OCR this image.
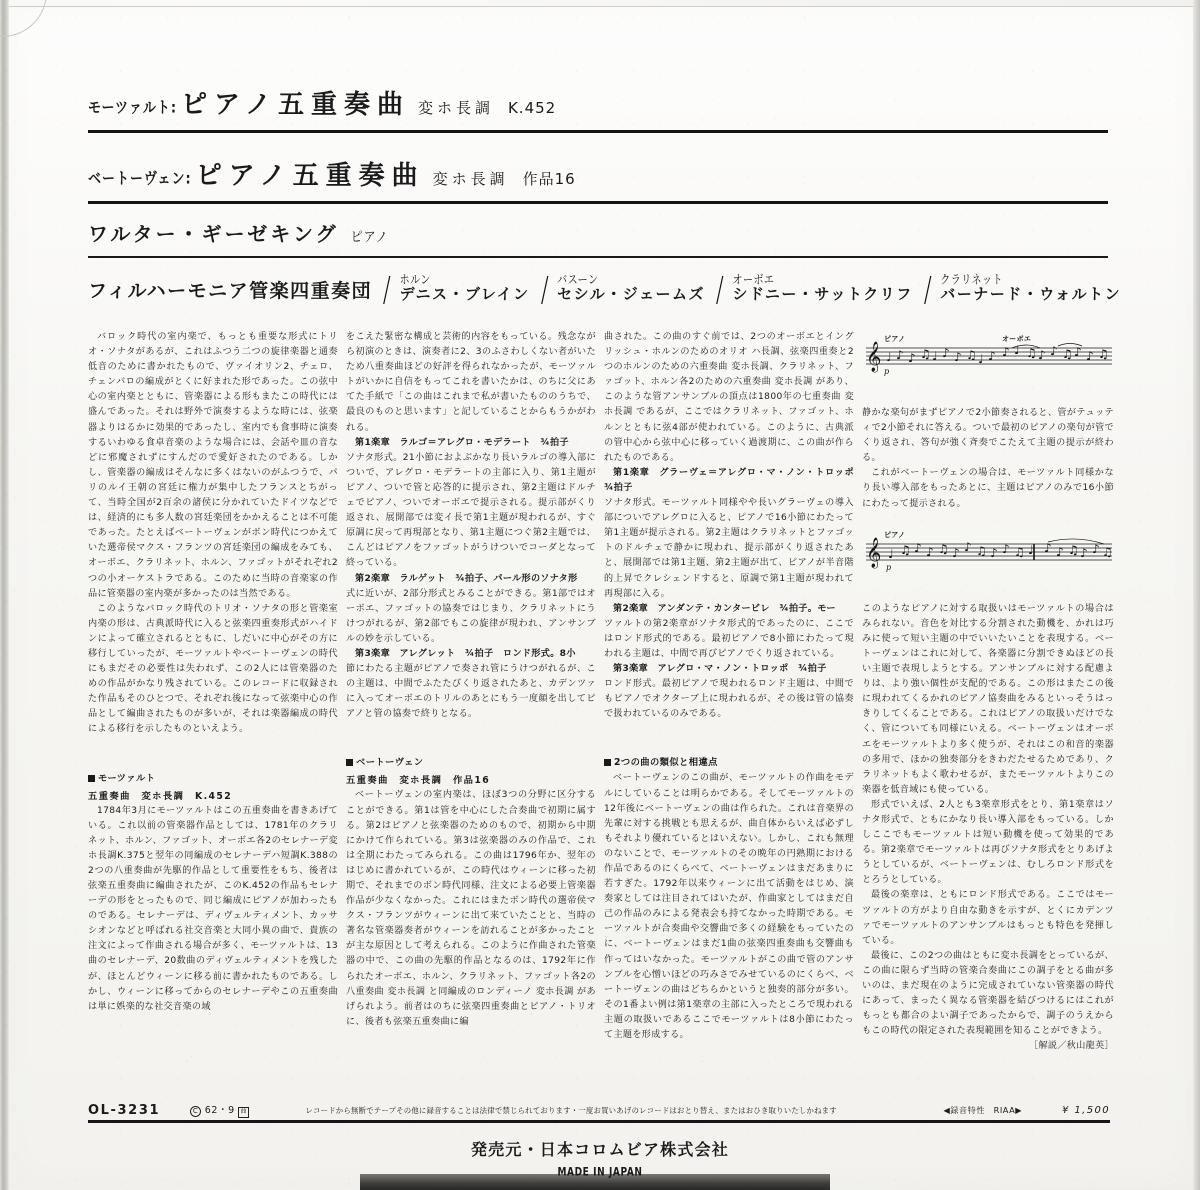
モーツァルト: ピアノ五重奏曲 変ホ長調 K.452
ベートーヴェン: ピアノ五重奏曲 変ホ長調 作品16
ワルター・ギーゼキング ピアノ
フィルハーモニア管楽四重奏団 / ホルン
デニス・ブレイン / バスーン
セシル・ジェームズ / オーボエ
シドニー・サットクリフ / クラリネット
バーナード・ウォルトン

バロック時代の室内楽で、もっとも重要な形式にトリオ・ソナタがあるが、これはふつう二つの旋律楽器と通奏低音のために書かれたもので、ヴァイオリン2、チェロ、チェンバロの編成がとくに好まれた形であった。この弦中心の室内楽とともに、管楽器による形もまたこの時代には盛んであった。それは野外で演奏するような時には、弦楽器よりはるかに効果的であったし、室内でも食事時に演奏するいわゆる食卓音楽のような場合には、会話や皿の音などに邪魔されずにすんだので愛好されたのである。しかし、管楽器の編成はそんなに多くはないのがふつうで、パリのルイ王朝の宮廷に権力が集中したフランスとちがって、当時全国が2百余の諸侯に分かれていたドイツなどでは、経済的にも多人数の宮廷楽団をかかえることは不可能であった。たとえばベートーヴェンがボン時代につかえていた選帝侯マクス・フランツの宮廷楽団の編成をみても、オーボエ、クラリネット、ホルン、ファゴットがそれぞれ2つの小オーケストラである。このために当時の音楽家の作品に管楽器の室内楽が多かったのは当然である。

このようなバロック時代のトリオ・ソナタの形と管楽室内楽の形は、古典派時代に入ると弦楽四重奏形式がハイドンによって確立されるとともに、しだいに中心がその方に移行していったが、モーツァルトやベートーヴェンの時代にもまだその必要性は失われず、この2人には管楽器のための作品がかなり残されている。このレコードに収録された作品もそのひとつで、それぞれ後になって弦楽中心の作品として編曲されたものが多いが、それは楽器編成の時代による移行を示したものといえよう。

モーツァルト
五重奏曲　変ホ長調　K.452

1784年3月にモーツァルトはこの五重奏曲を書きあげている。これ以前の管楽器作品としては、1781年のクラリネット、ホルン、ファゴット、オーボエ各2のセレナーデ変ホ長調K.375と翌年の同編成のセレナーデハ短調K.388の2つの八重奏曲が先駆的作品として重要性をもち、後者は弦楽五重奏曲に編曲されたが、このK.452の作品もセレナーデの形をとったもので、同じ編成にピアノが加わったものである。セレナーデは、ディヴェルティメント、カッサシオンなどと呼ばれる社交音楽と大同小異の曲で、貴族の注文によって作曲される場合が多く、モーツァルトは、13曲のセレナーデ、20数曲のディヴェルティメントを残したが、ほとんどウィーンに移る前に書かれたものである。しかし、ウィーンに移ってからのセレナーデやこの五重奏曲は単に娯楽的な社交音楽の域

をこえた緊密な構成と芸術的内容をもっている。残念ながら初演のときは、演奏者に2、3のふさわしくない者がいたため八重奏曲ほどの好評を得られなかったが、モーツァルトがいかに自信をもってこれを書いたかは、のちに父にあてた手紙で「この曲はこれまで私が書いたもののうちで、最良のものと思います」と記していることからもうかがわれる。

第1楽章　ラルゴ＝アレグロ・モデラート　¾拍子

ソナタ形式。21小節におよぶかなり長いラルゴの導入部についで、アレグロ・モデラートの主部に入り、第1主題がピアノ、ついで管と応答的に提示され、第2主題はドルチェでピアノ、ついでオーボエで提示される。提示部がくり返され、展開部では変イ長で第1主題が現われるが、すぐ原調に戻って再現部となり、第1主題につぐ第2主題では、こんどはピアノをファゴットがうけついでコーダとなって終っている。

第2楽章　ラルゲット　¾拍子、パール形のソナタ形

式に近いが、2部分形式とみることができる。第1部ではオーボエ、ファゴットの協奏ではじまり、クラリネットにうけつがれるが、第2部でもこの旋律が現われ、アンサンブルの妙を示している。

第3楽章　アレグレット　¾拍子　ロンド形式。8小

節にわたる主題がピアノで奏され管にうけつがれるが、この主題は、中間でふたたびくり返されたあと、カデンツァに入ってオーボエのトリルのあとにもう一度顔を出してピアノと管の協奏で終りとなる。

ベートーヴェン
五重奏曲　変ホ長調　作品16

ベートーヴェンの室内楽は、ほぼ3つの分野に区分することができる。第1は管を中心にした合奏曲で初期に属する。第2はピアノと弦楽器のためのもので、初期から中期にかけて作られている。第3は弦楽器のみの作品で、これは全期にわたってみられる。この曲は1796年か、翌年のはじめに書かれているが、この時代はウィーンに移った初期で、それまでのボン時代同様、注文による必要上管楽器作品が少なくなかった。これにはまたボン時代の選帝侯マクス・フランツがウィーンに出て来ていたことと、当時の著名な管楽器奏者がウィーンを訪れることが多かったことが主な原因として考えられる。このように作曲された管楽器の中で、この曲の先駆的作品となるのは、1792年に作られたオーボエ、ホルン、クラリネット、ファゴット各2の八重奏曲 変ホ長調 と同編成のロンディーノ 変ホ長調 があげられよう。前者はのちに弦楽四重奏曲とピアノ・トリオに、後者も弦楽五重奏曲に編

曲された。この曲のすぐ前では、2つのオーボエとイングリッシュ・ホルンのためのオリオ ハ長調、弦楽四重奏と2つのホルンのための六重奏曲 変ホ長調、クラリネット、ファゴット、ホルン各2のための六重奏曲 変ホ長調 があり、このような管アンサンブルの頂点は1800年の七重奏曲 変ホ長調 であるが、ここではクラリネット、ファゴット、ホルンとともに弦4部が使われている。このように、古典派の管中心から弦中心に移っていく過渡期に、この曲が作られたものである。

第1楽章　グラーヴェ＝アレグロ・マ・ノン・トロッポ　¾拍子　

ソナタ形式。モーツァルト同様やや長いグラーヴェの導入部についでアレグロに入ると、ピアノで16小節にわたって第1主題が提示される。第2主題はクラリネットとファゴットのドルチェで静かに現われ、提示部がくり返されたあと、展開部では第1主題、第2主題が出て、ピアノが半音階的上昇でクレシェンドすると、原調で第1主題が現われて再現部に入る。

第2楽章　アンダンテ・カンタービレ　¾拍子。モー

ツァルトの第2楽章がソナタ形式的であったのに、ここではロンド形式的である。最初ピアノで8小節にわたって現われる主題は、中間で再びピアノでくり返されている。

第3楽章　アレグロ・マ・ノン・トロッポ　¾拍子

ロンド形式。最初ピアノで現われるロンド主題は、中間でもピアノでオクターブ上に現われるが、その後は管の協奏で扱われているのみである。

2つの曲の類似と相違点

ベートーヴェンのこの曲が、モーツァルトの作曲をモデルにしていることは明らかである。そしてモーツァルトの12年後にベートーヴェンの曲は作られた。これは音楽界の先輩に対する挑戦とも思えるが、曲自体からいえば必ずしもそれより優れているとはいえない。しかし、これも無理のないことで、モーツァルトのその晩年の円熟期における作品であるのにくらべて、ベートーヴェンはまだあまりに若すぎた。1792年以来ウィーンに出て活動をはじめ、演奏家としては注目されてはいたが、作曲家としてはまだ自己の作品のみによる発表会も持てなかった時期である。モーツァルトが合奏曲や交響曲で多くの経験をもっていたのに、ベートーヴェンはまだ1曲の弦楽四重奏曲も交響曲も作ってはいなかった。モーツァルトがこの曲で管のアンサンブルを心憎いほどの巧みさでみせているのにくらべ、ベートーヴェンの曲はどちらかというと独奏的部分が多い。その1番よい例は第1楽章の主部に入ったところで現われる主題の取扱いであるここでモーツァルトは8小節にわたって主題を形成する。

ピアノ	オーボエ
𝄞 ♩ ♪ ♪ ♫ ♩ ♪ ♪ ♫ ♩ ♪ ♪ ♩ ♫ ♪ ♪ ♫ ♪ ♪ ♫
p

静かな楽句がまずピアノで2小節奏されると、管がテュッティで2小節それに答える。ついで最初のピアノの楽句が管でくり返され、答句が強く斉奏でこたえて主題の提示が終わる。

これがベートーヴェンの場合は、モーツァルト同様かなり長い導入部をもったあとに、主題はピアノのみで16小節にわたって提示される。

ピアノ
𝄞 ♩ ♫ ♪ ♪ ♫ ♪ ♪ ♫ ♪ ♪ ♫ ♩ ♪ ♪ ♫ ♪ ♪ ♫
p

このようなピアノに対する取扱いはモーツァルトの場合はみられない。音色を対比する分割された動機を、かれは巧みに使って短い主題の中でいいたいことを表現する。ベートーヴェンはこれに対して、各楽器に分割できぬほどの長い主題で表現しようとする。アンサンブルに対する配慮よりは、より強い個性が支配的である。この形はまたこの後に現われてくるかれのピアノ協奏曲をみるといっそうはっきりしてくることである。これはピアノの取扱いだけでなく、管についても同様にいえる。ベートーヴェンはオーボエをモーツァルトより多く使うが、それはこの和音的楽器の多用で、ほかの独奏部分をきわだたせるためであり、クラリネットもよく歌わせるが、またモーツァルトよりこの楽器を低音域にも使っている。

形式でいえば、2人とも3楽章形式をとり、第1楽章はソナタ形式で、ともにかなり長い導入部をもっている。しかしここでもモーツァルトは短い動機を使って効果的である。第2楽章でモーツァルトは再びソナタ形式をとりあげようとしているが、ベートーヴェンは、むしろロンド形式をとろうとしている。

最後の楽章は、ともにロンド形式である。ここではモーツァルトの方がより自由な動きを示すが、とくにカデンツァでモーツァルトのアンサンブルはもっとも特色を発揮している。

最後に、この2つの曲はともに変ホ長調をとっているが、この曲に限らず当時の管楽合奏曲にこの調子をとる曲が多いのは、まだ現在のように完成されていない管楽器の時代にあって、まったく異なる管楽器を結びつけるにはこれがもっとも都合のよい調子であったからで、調子のうえからもこの時代の限定された表現範囲を知ることができよう。

［解説／秋山龍英］

OL-3231	C 62・9 曲	レコードから無断でテープその他に録音することは法律で禁じられております・一度お買いあげのレコードはおとり替え、またはおひき取りいたしかねます	◀録音特性　RIAA▶	¥ 1,500
発売元・日本コロムビア株式会社
MADE IN JAPAN
